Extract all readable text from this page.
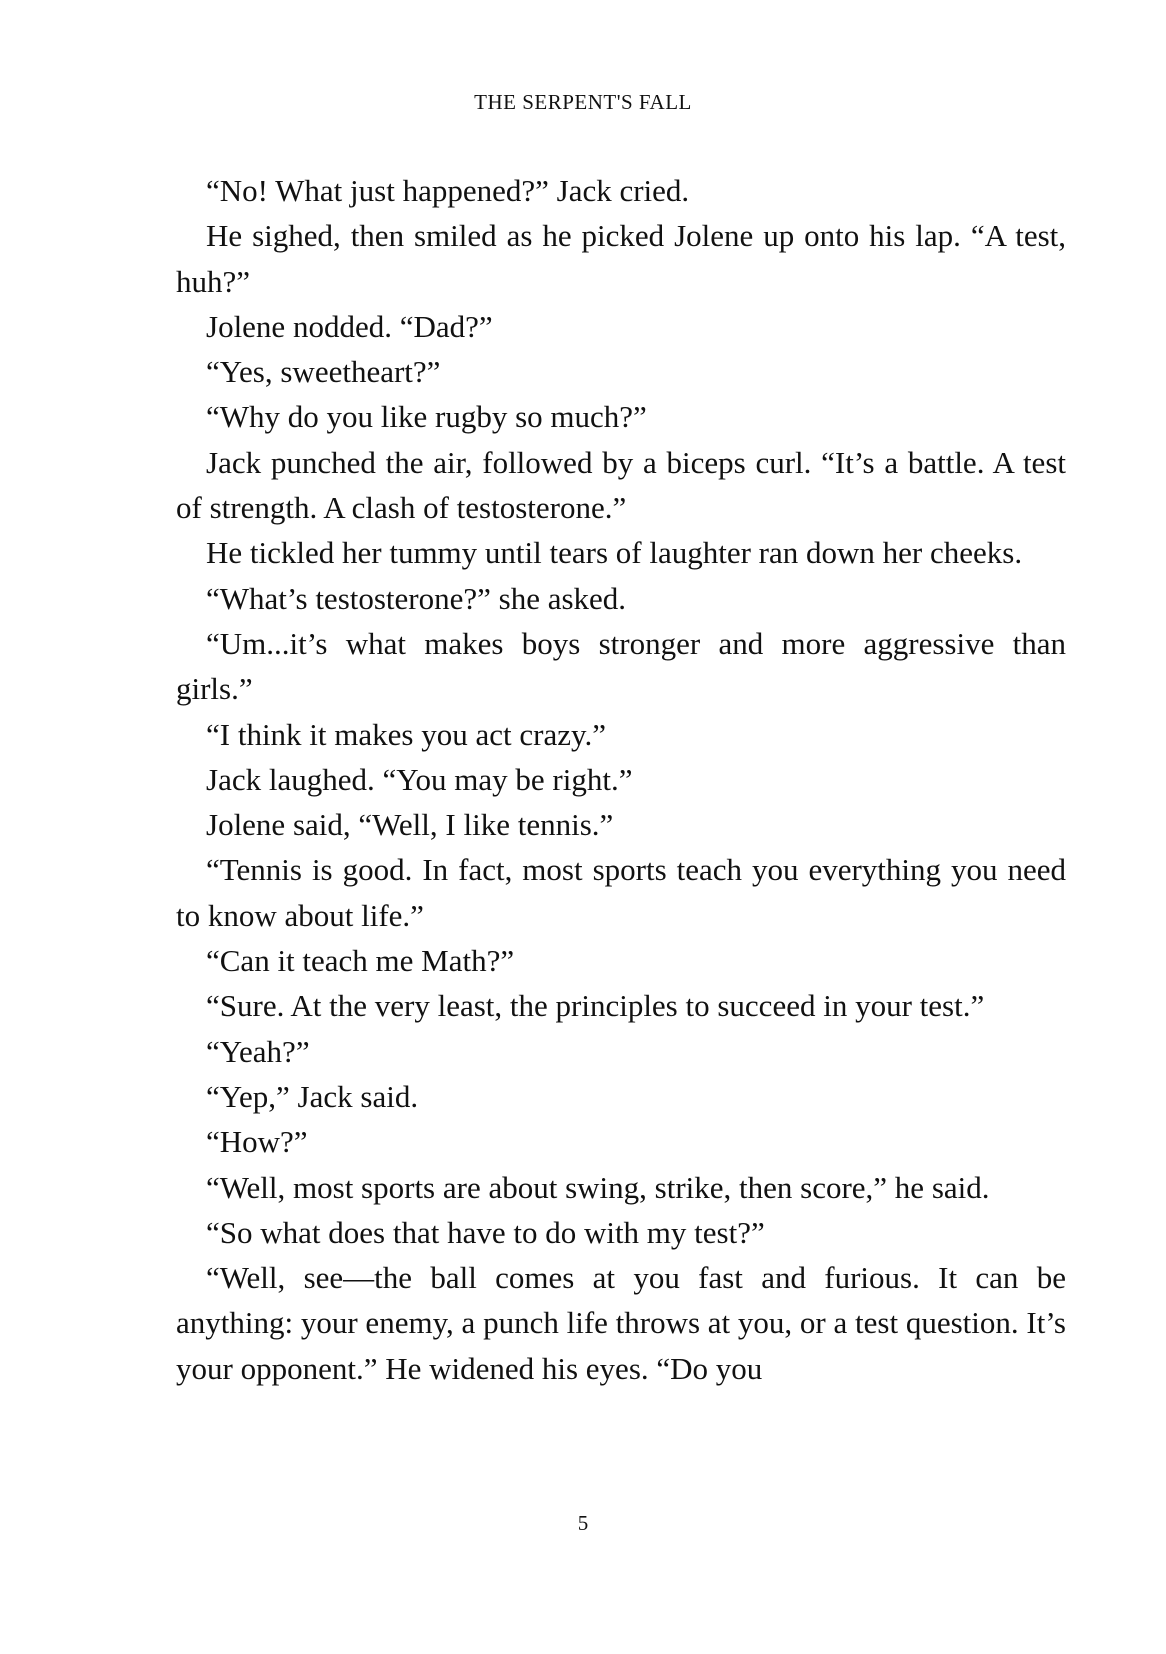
THE SERPENT'S FALL

“No! What just happened?” Jack cried.

He sighed, then smiled as he picked Jolene up onto his lap. “A test, huh?”

Jolene nodded. “Dad?”

“Yes, sweetheart?”

“Why do you like rugby so much?”

Jack punched the air, followed by a biceps curl. “It’s a battle. A test of strength. A clash of testosterone.”

He tickled her tummy until tears of laughter ran down her cheeks.

“What’s testosterone?” she asked.

“Um...it’s what makes boys stronger and more aggressive than girls.”

“I think it makes you act crazy.”

Jack laughed. “You may be right.”

Jolene said, “Well, I like tennis.”

“Tennis is good. In fact, most sports teach you everything you need to know about life.”

“Can it teach me Math?”

“Sure. At the very least, the principles to succeed in your test.”

“Yeah?”

“Yep,” Jack said.

“How?”

“Well, most sports are about swing, strike, then score,” he said.

“So what does that have to do with my test?”

“Well, see—the ball comes at you fast and furious. It can be anything: your enemy, a punch life throws at you, or a test question. It’s your opponent.” He widened his eyes. “Do you

5
